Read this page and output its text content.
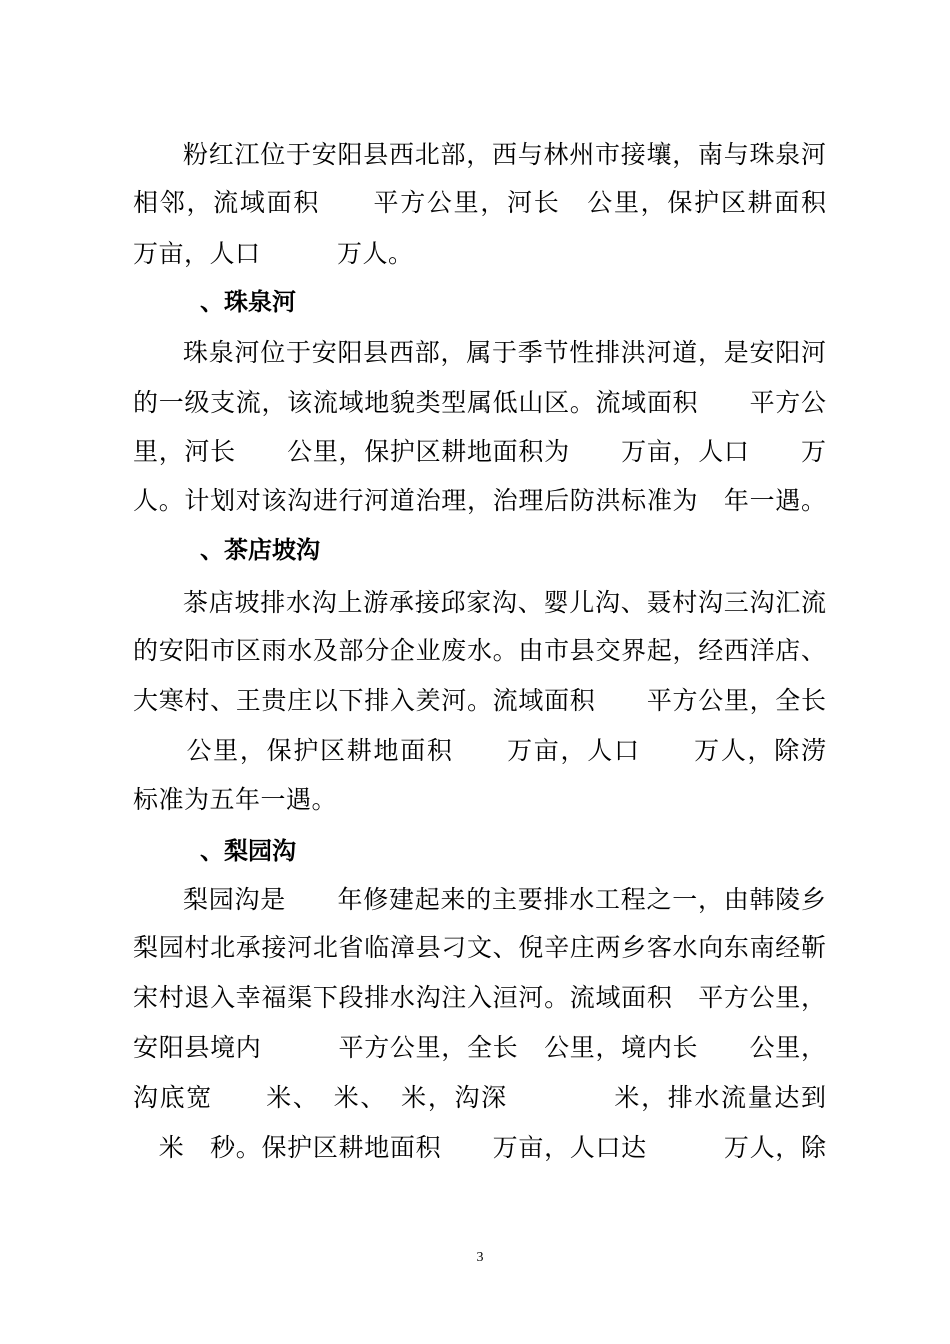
粉红江位于安阳县西北部，西与林州市接壤，南与珠泉河
相邻，流域面积　　平方公里，河长　公里，保护区耕面积　
万亩，人口　　　万人。
、珠泉河
珠泉河位于安阳县西部，属于季节性排洪河道，是安阳河
的一级支流，该流域地貌类型属低山区。流域面积　　平方公
里，河长　　公里，保护区耕地面积为　　万亩，人口　　万
人。计划对该沟进行河道治理，治理后防洪标准为　年一遇。
、茶店坡沟
茶店坡排水沟上游承接邱家沟、婴儿沟、聂村沟三沟汇流
的安阳市区雨水及部分企业废水。由市县交界起，经西洋店、
大寒村、王贵庄以下排入羑河。流域面积　　平方公里，全长
　　公里，保护区耕地面积　　万亩，人口　　万人，除涝
标准为五年一遇。
、梨园沟
梨园沟是　　年修建起来的主要排水工程之一，由韩陵乡
梨园村北承接河北省临漳县刁文、倪辛庄两乡客水向东南经靳
宋村退入幸福渠下段排水沟注入洹河。流域面积　平方公里，
安阳县境内　　　平方公里，全长　公里，境内长　　公里，
沟底宽　　米、　米、　米，沟深　　　　米，排水流量达到
　米　秒。保护区耕地面积　　万亩，人口达　　　万人，除
3
